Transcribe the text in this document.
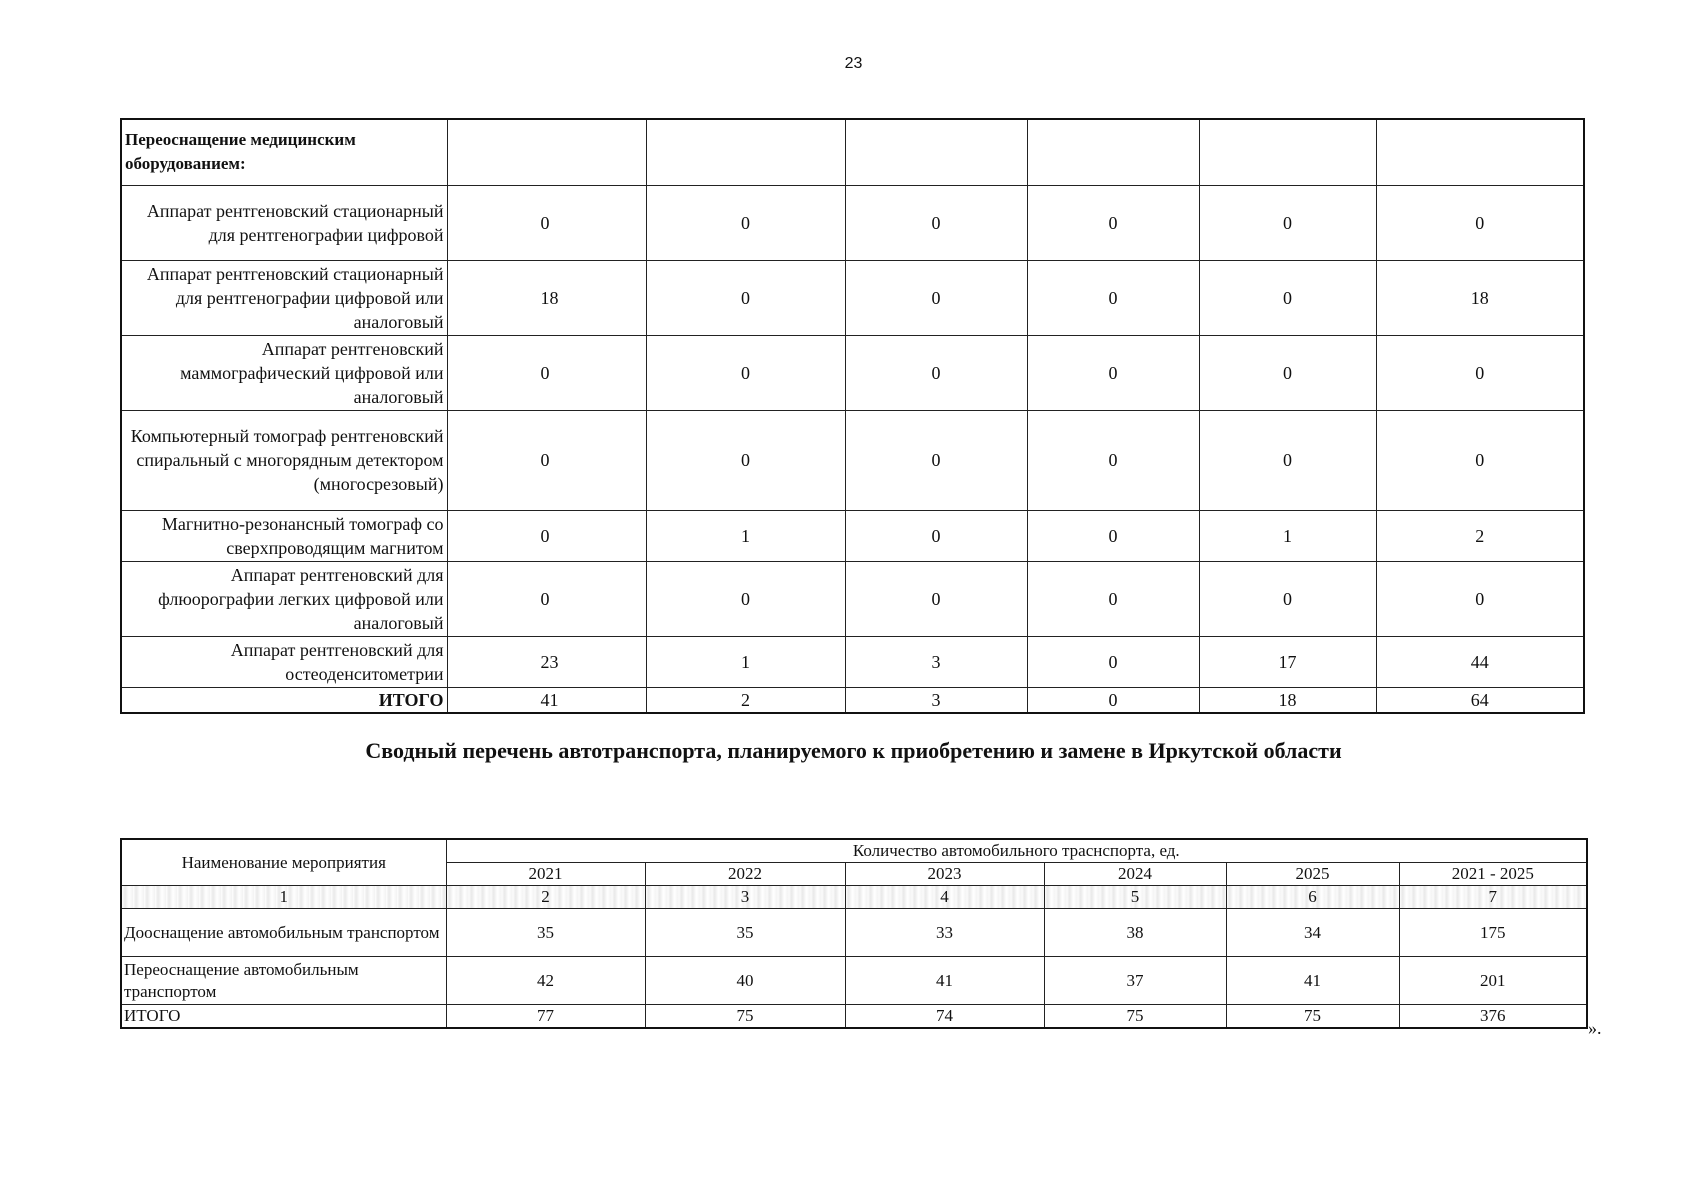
23
Переоснащение медицинским оборудованием:						
Аппарат рентгеновский стационарный для рентгенографии цифровой	0	0	0	0	0	0
Аппарат рентгеновский стационарный для рентгенографии цифровой или аналоговый	18	0	0	0	0	18
Аппарат рентгеновский маммографический цифровой или аналоговый	0	0	0	0	0	0
Компьютерный томограф рентгеновский спиральный с многорядным детектором (многосрезовый)	0	0	0	0	0	0
Магнитно-резонансный томограф со сверхпроводящим магнитом	0	1	0	0	1	2
Аппарат рентгеновский для флюорографии легких цифровой или аналоговый	0	0	0	0	0	0
Аппарат рентгеновский для остеоденситометрии	23	1	3	0	17	44
ИТОГО	41	2	3	0	18	64
Сводный перечень автотранспорта, планируемого к приобретению и замене в Иркутской области
Наименование мероприятия	Количество автомобильного траснспорта, ед.					
	2021	2022	2023	2024	2025	2021 - 2025
1	2	3	4	5	6	7
Дооснащение автомобильным транспортом	35	35	33	38	34	175
Переоснащение автомобильным транспортом	42	40	41	37	41	201
ИТОГО	77	75	74	75	75	376
».
